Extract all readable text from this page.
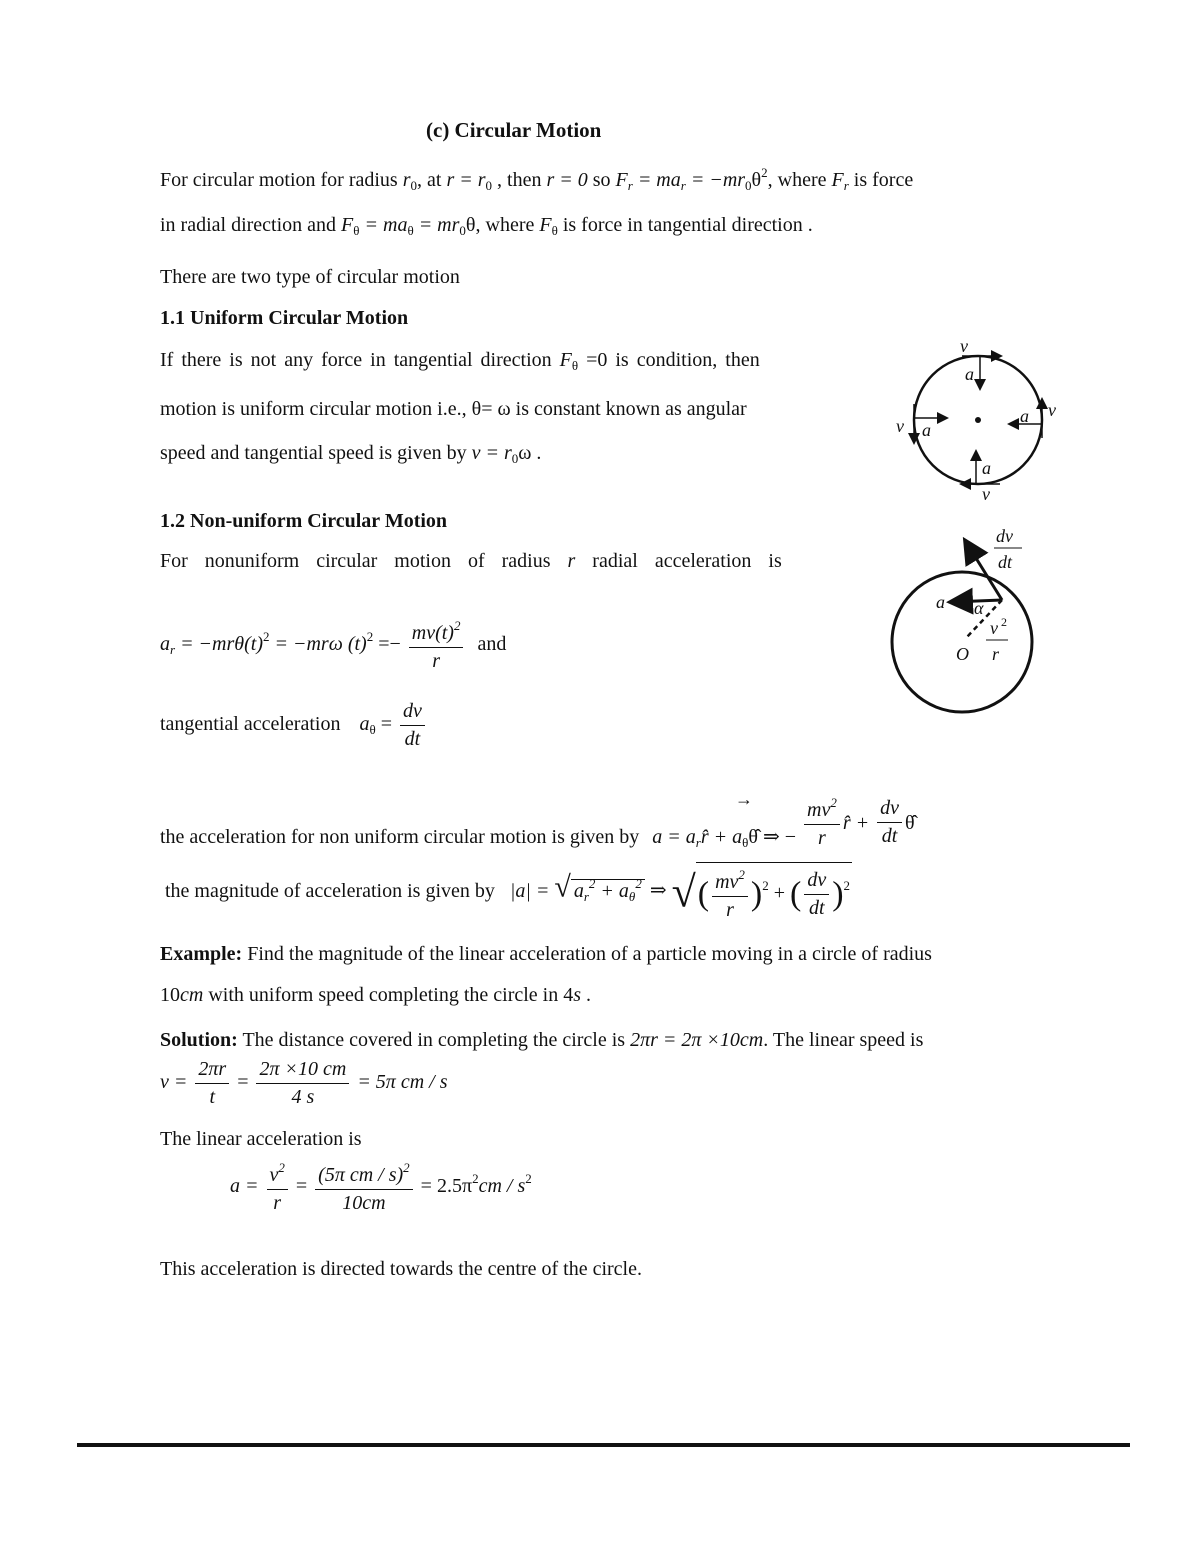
(c) Circular Motion
For circular motion for radius $r_0$, at $r = r_0$ , then r = 0 so $F_r = ma_r = -mr_0\theta^2$, where $F_r$ is force
in radial direction and $F_\theta = ma_\theta = mr_0\theta$, where $F_\theta$ is force in tangential direction .
There are two type of circular motion
1.1 Uniform Circular Motion
If there is not any force in tangential direction $F_\theta =0$ is condition, then
motion is uniform circular motion i.e., θ= ω is constant known as angular
speed and tangential speed is given by $v = r_0\omega$ .
v
a
a v
v a
a
v
1.2 Non-uniform Circular Motion
For nonuniform circular motion of radius r radial acceleration is
$a_r = -mr\theta(t)^2 = -mr\omega$ $(t)^2 =- \frac{mv(t)^2}{r}$ and
tangential acceleration $a_\theta = \frac{dv}{dt}$
dv
dt
a α
v 2
r
O
the acceleration for non uniform circular motion is given by a
→
= $a_rr̂$ + $a_\theta\thetâ$ ⇒ − $\frac{mv^2}{r}$ r̂ + $\frac{dv}{dt}$ θ̂
the magnitude of acceleration is given by |a| = √ $a_r^2 + a_\theta^2$ ⇒ √( $\frac{mv^2}{r} )^2$ + ( $\frac{dv}{dt} )^2$
Example: Find the magnitude of the linear acceleration of a particle moving in a circle of radius
10cm with uniform speed completing the circle in 4s .
Solution: The distance covered in completing the circle is 2πr = 2π ×10cm. The linear speed is
$v = \frac{2\pi r}{t} = \frac{2\pi \times 10 cm}{4 s} = 5\pi$ cm / s
The linear acceleration is
$a = \frac{v^2}{r} = \frac{(5\pi cm / s)^2}{10cm} = 2.5\pi^2cm / s^2$
This acceleration is directed towards the centre of the circle.
